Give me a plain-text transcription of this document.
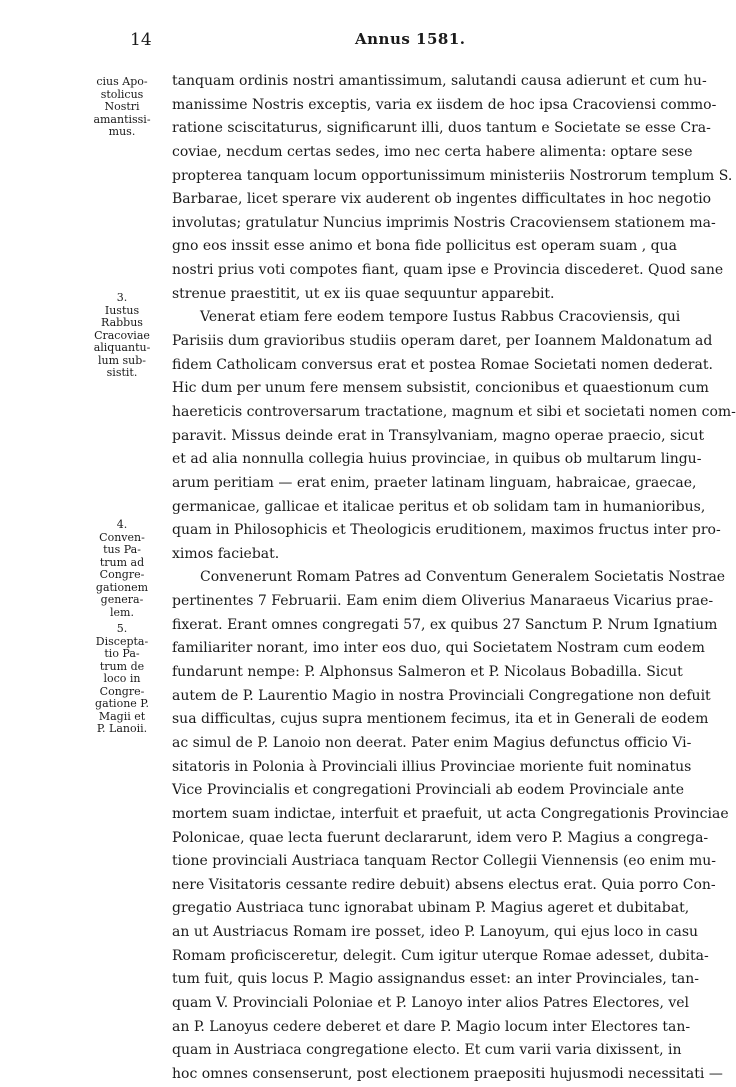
14	Annus 1581.
cius Apo-
stolicus
Nostri
amantissi-
mus.
3.
Iustus
Rabbus
Cracoviae
aliquantu-
lum sub-
sistit.
4.
Conven-
tus Pa-
trum ad
Congre-
gationem
genera-
lem.
5.
Discepta-
tio Pa-
trum de
loco in
Congre-
gatione P.
Magii et
P. Lanoii.
tanquam ordinis nostri amantissimum, salutandi causa adierunt et cum hu-
manissime Nostris exceptis, varia ex iisdem de hoc ipsa Cracoviensi commo-
ratione sciscitaturus, significarunt illi, duos tantum e Societate se esse Cra-
coviae, necdum certas sedes, imo nec certa habere alimenta: optare sese
propterea tanquam locum opportunissimum ministeriis Nostrorum templum S.
Barbarae, licet sperare vix auderent ob ingentes difficultates in hoc negotio
involutas; gratulatur Nuncius imprimis Nostris Cracoviensem stationem ma-
gno eos inssit esse animo et bona fide pollicitus est operam suam , qua
nostri prius voti compotes fiant, quam ipse e Provincia discederet. Quod sane
strenue praestitit, ut ex iis quae sequuntur apparebit.
Venerat etiam fere eodem tempore Iustus Rabbus Cracoviensis, qui
Parisiis dum gravioribus studiis operam daret, per Ioannem Maldonatum ad
fidem Catholicam conversus erat et postea Romae Societati nomen dederat.
Hic dum per unum fere mensem subsistit, concionibus et quaestionum cum
haereticis controversarum tractatione, magnum et sibi et societati nomen com-
paravit. Missus deinde erat in Transylvaniam, magno operae praecio, sicut
et ad alia nonnulla collegia huius provinciae, in quibus ob multarum lingu-
arum peritiam — erat enim, praeter latinam linguam, habraicae, graecae,
germanicae, gallicae et italicae peritus et ob solidam tam in humanioribus,
quam in Philosophicis et Theologicis eruditionem, maximos fructus inter pro-
ximos faciebat.
Convenerunt Romam Patres ad Conventum Generalem Societatis Nostrae
pertinentes 7 Februarii. Eam enim diem Oliverius Manaraeus Vicarius prae-
fixerat. Erant omnes congregati 57, ex quibus 27 Sanctum P. Nrum Ignatium
familiariter norant, imo inter eos duo, qui Societatem Nostram cum eodem
fundarunt nempe: P. Alphonsus Salmeron et P. Nicolaus Bobadilla. Sicut
autem de P. Laurentio Magio in nostra Provinciali Congregatione non defuit
sua difficultas, cujus supra mentionem fecimus, ita et in Generali de eodem
ac simul de P. Lanoio non deerat. Pater enim Magius defunctus officio Vi-
sitatoris in Polonia à Provinciali illius Provinciae moriente fuit nominatus
Vice Provincialis et congregationi Provinciali ab eodem Provinciale ante
mortem suam indictae, interfuit et praefuit, ut acta Congregationis Provinciae
Polonicae, quae lecta fuerunt declararunt, idem vero P. Magius a congrega-
tione provinciali Austriaca tanquam Rector Collegii Viennensis (eo enim mu-
nere Visitatoris cessante redire debuit) absens electus erat. Quia porro Con-
gregatio Austriaca tunc ignorabat ubinam P. Magius ageret et dubitabat,
an ut Austriacus Romam ire posset, ideo P. Lanoyum, qui ejus loco in casu
Romam proficisceretur, delegit. Cum igitur uterque Romae adesset, dubita-
tum fuit, quis locus P. Magio assignandus esset: an inter Provinciales, tan-
quam V. Provinciali Poloniae et P. Lanoyo inter alios Patres Electores, vel
an P. Lanoyus cedere deberet et dare P. Magio locum inter Electores tan-
quam in Austriaca congregatione electo. Et cum varii varia dixissent, in
hoc omnes consenserunt, post electionem praepositi hujusmodi necessitati —
